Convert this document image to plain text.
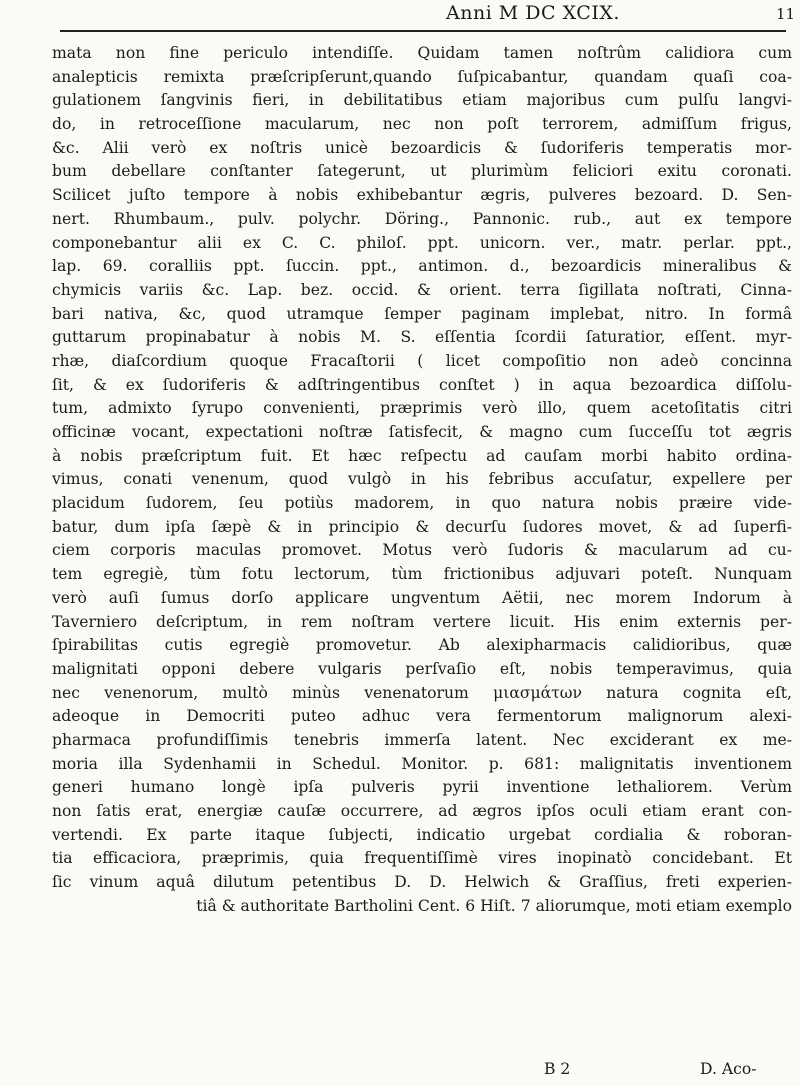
Anni M DC XCIX.	11
mata non fine periculo intendiſſe. Quidam tamen noſtrûm calidiora cum
analepticis remixta præſcripſerunt,quando ſuſpicabantur, quandam quaſi coa-
gulationem ſangvinis fieri, in debilitatibus etiam majoribus cum pulſu langvi-
do, in retroceſſione macularum, nec non poſt terrorem, admiſſum frigus,
&c. Alii verò ex noſtris unicè bezoardicis & ſudoriferis temperatis mor-
bum debellare conſtanter ſategerunt, ut plurimùm feliciori exitu coronati.
Scilicet juſto tempore à nobis exhibebantur ægris, pulveres bezoard. D. Sen-
nert. Rhumbaum., pulv. polychr. Döring., Pannonic. rub., aut ex tempore
componebantur alii ex C. C. philoſ. ppt. unicorn. ver., matr. perlar. ppt.,
lap. 69. coralliis ppt. ſuccin. ppt., antimon. d., bezoardicis mineralibus &
chymicis variis &c. Lap. bez. occid. & orient. terra ſigillata noſtrati, Cinna-
bari nativa, &c, quod utramque ſemper paginam implebat, nitro. In formâ
guttarum propinabatur à nobis M. S. eſſentia ſcordii ſaturatior, eſſent. myr-
rhæ, diaſcordium quoque Fracaſtorii ( licet compoſitio non adeò concinna
ſit, & ex ſudoriferis & adſtringentibus conſtet ) in aqua bezoardica diſſolu-
tum, admixto ſyrupo convenienti, præprimis verò illo, quem acetoſitatis citri
officinæ vocant, expectationi noſtræ ſatisfecit, & magno cum ſucceſſu tot ægris
à nobis præſcriptum fuit. Et hæc reſpectu ad cauſam morbi habito ordina-
vimus, conati venenum, quod vulgò in his febribus accuſatur, expellere per
placidum ſudorem, ſeu potiùs madorem, in quo natura nobis præire vide-
batur, dum ipſa ſæpè & in principio & decurſu ſudores movet, & ad ſuperfi-
ciem corporis maculas promovet. Motus verò ſudoris & macularum ad cu-
tem egregiè, tùm fotu lectorum, tùm frictionibus adjuvari poteſt. Nunquam
verò auſi ſumus dorſo applicare ungventum Aëtii, nec morem Indorum à
Taverniero deſcriptum, in rem noſtram vertere licuit. His enim externis per-
ſpirabilitas cutis egregiè promovetur. Ab alexipharmacis calidioribus, quæ
malignitati opponi debere vulgaris perſvaſio eſt, nobis temperavimus, quia
nec venenorum, multò minùs venenatorum μιασμάτων natura cognita eſt,
adeoque in Democriti puteo adhuc vera fermentorum malignorum alexi-
pharmaca profundiſſimis tenebris immerſa latent. Nec exciderant ex me-
moria illa Sydenhamii in Schedul. Monitor. p. 681: malignitatis inventionem
generi humano longè ipſa pulveris pyrii inventione lethaliorem. Verùm
non ſatis erat, energiæ cauſæ occurrere, ad ægros ipſos oculi etiam erant con-
vertendi. Ex parte itaque ſubjecti, indicatio urgebat cordialia & roboran-
tia efficaciora, præprimis, quia frequentiſſimè vires inopinatò concidebant. Et
ſic vinum aquâ dilutum petentibus D. D. Helwich & Graſſius, freti experien-
tiâ & authoritate Bartholini Cent. 6 Hiſt. 7 aliorumque, moti etiam exemplo
B 2	D. Aco-
